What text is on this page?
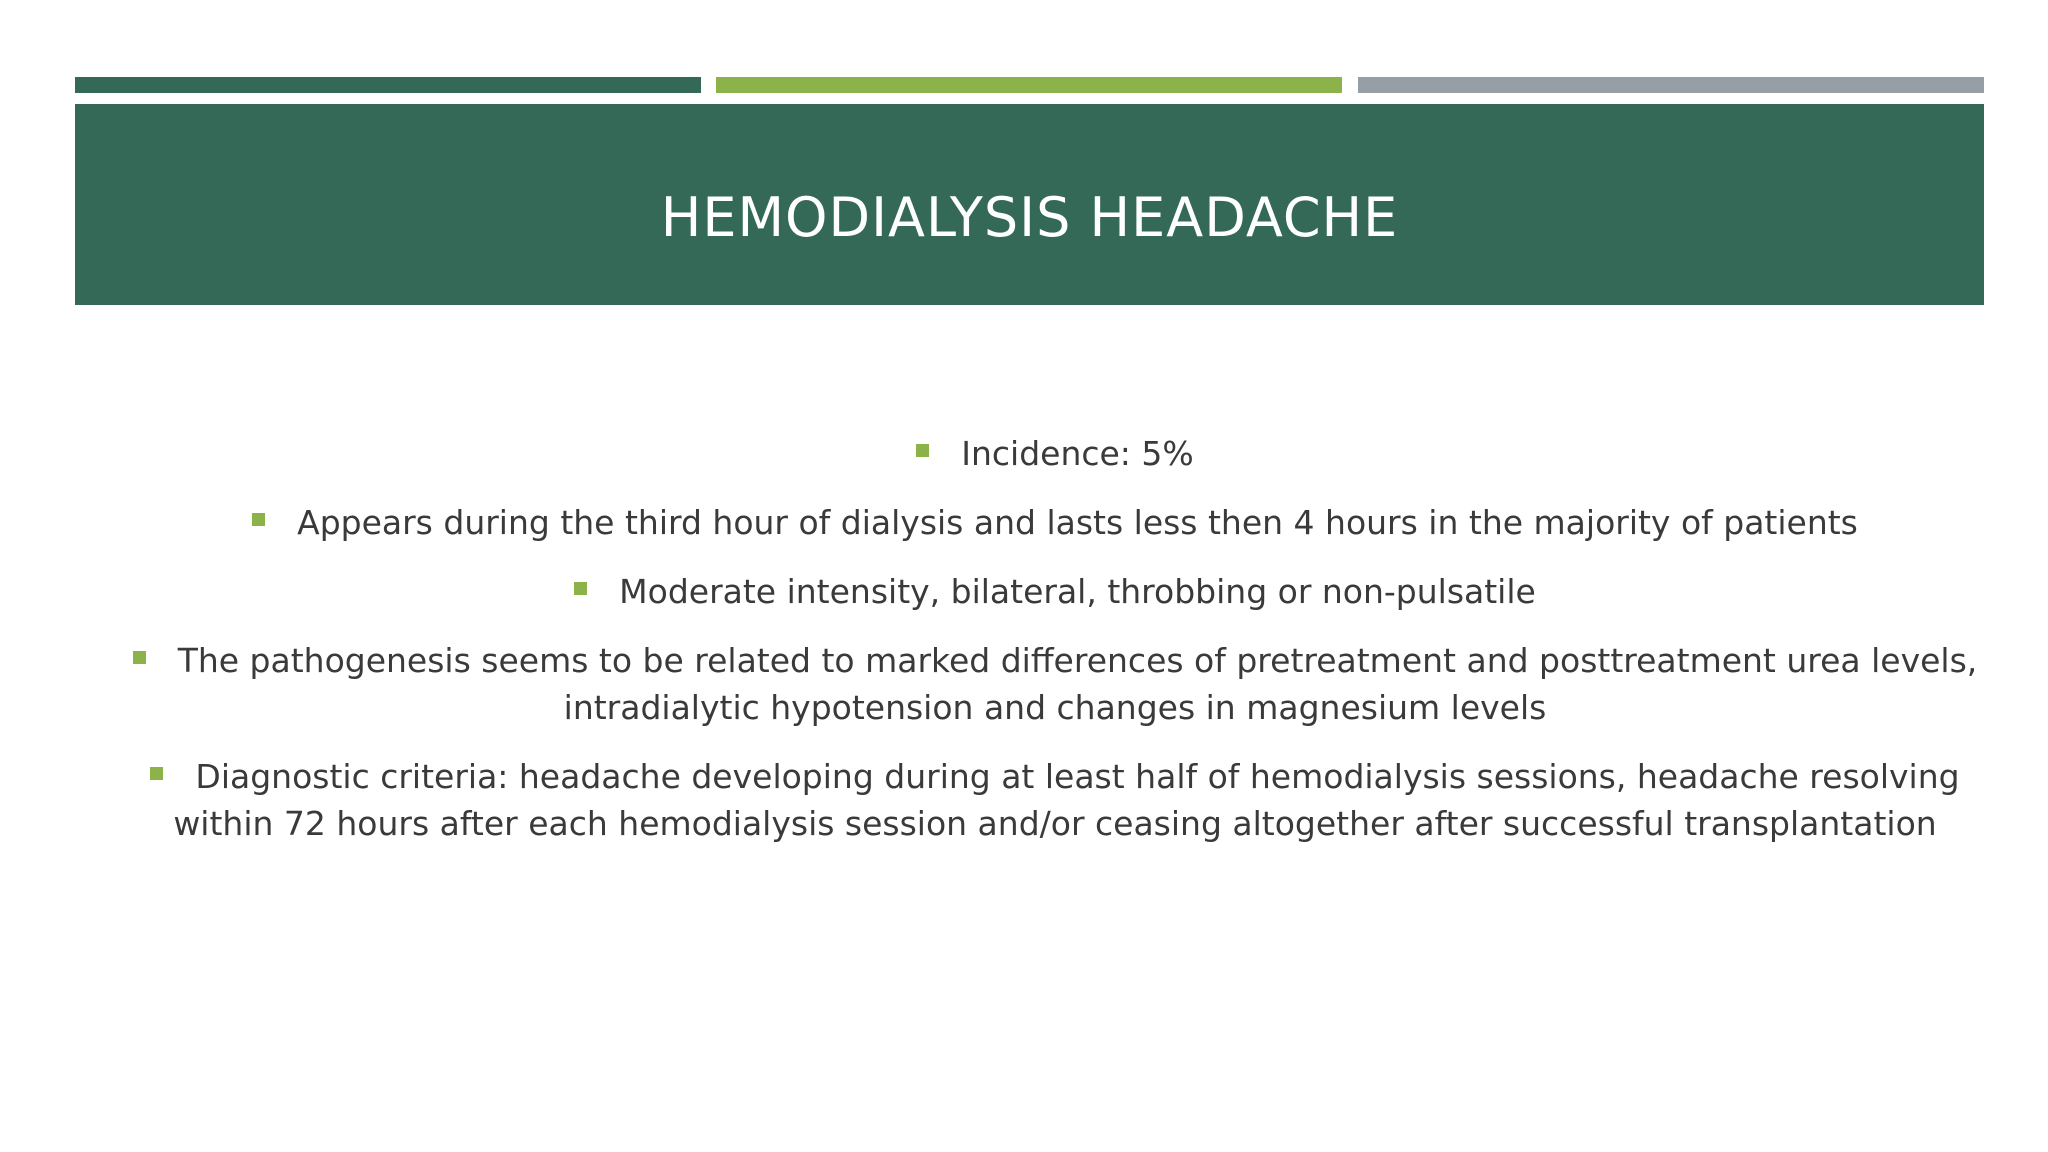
HEMODIALYSIS HEADACHE
Incidence: 5%
Appears during the third hour of dialysis and lasts less then 4 hours in the majority of patients
Moderate intensity, bilateral, throbbing or non-pulsatile
The pathogenesis seems to be related to marked differences of pretreatment and posttreatment urea levels, intradialytic hypotension and changes in magnesium levels
Diagnostic criteria: headache developing during at least half of hemodialysis sessions, headache resolving within 72 hours after each hemodialysis session and/or ceasing altogether after successful transplantation
